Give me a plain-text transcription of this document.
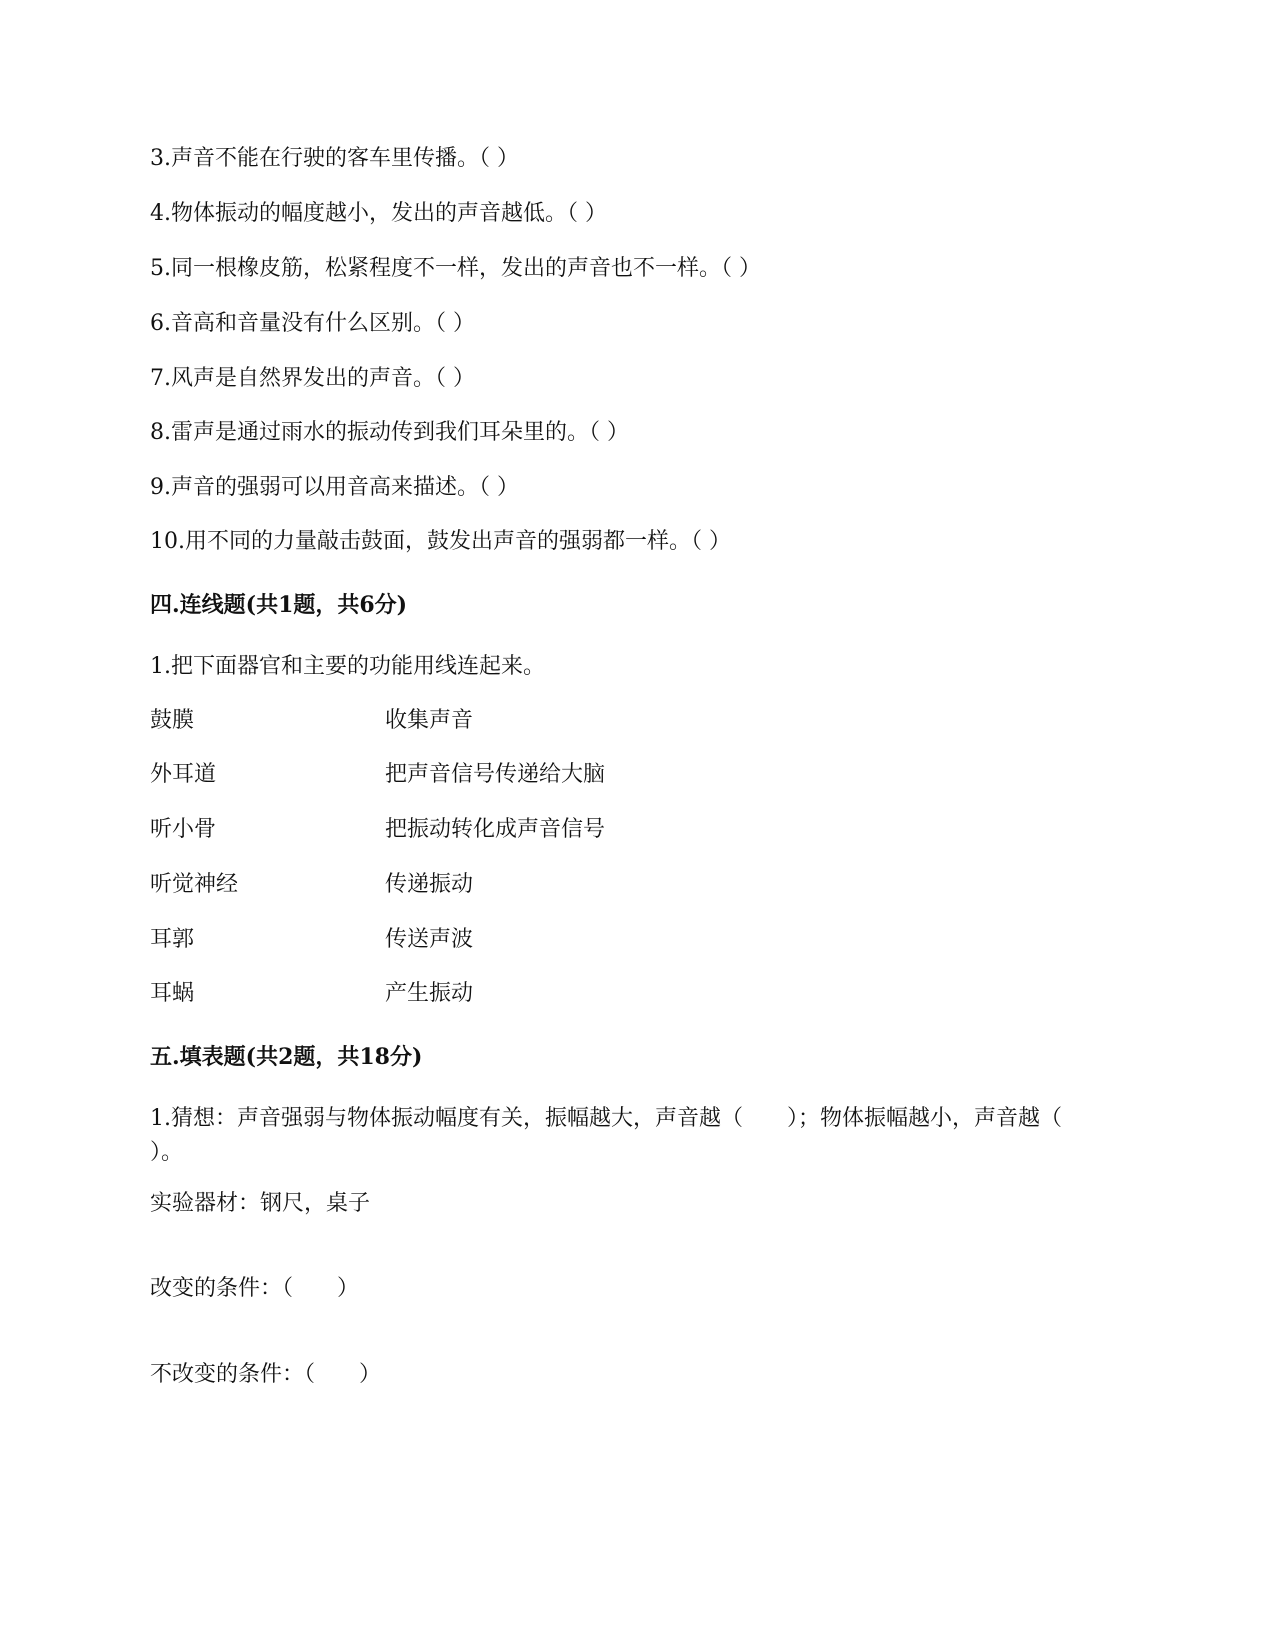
3.声音不能在行驶的客车里传播。（ ）
4.物体振动的幅度越小，发出的声音越低。（ ）
5.同一根橡皮筋，松紧程度不一样，发出的声音也不一样。（ ）
6.音高和音量没有什么区别。（ ）
7.风声是自然界发出的声音。（ ）
8.雷声是通过雨水的振动传到我们耳朵里的。（ ）
9.声音的强弱可以用音高来描述。（ ）
10.用不同的力量敲击鼓面，鼓发出声音的强弱都一样。（ ）
四.连线题(共1题，共6分)
1.把下面器官和主要的功能用线连起来。
鼓膜	收集声音
外耳道	把声音信号传递给大脑
听小骨	把振动转化成声音信号
听觉神经	传递振动
耳郭	传送声波
耳蜗	产生振动
五.填表题(共2题，共18分)
1.猜想：声音强弱与物体振动幅度有关，振幅越大，声音越（　　）；物体振幅越小，声音越（　　）。
实验器材：钢尺，桌子
改变的条件：（　　）
不改变的条件：（　　）
